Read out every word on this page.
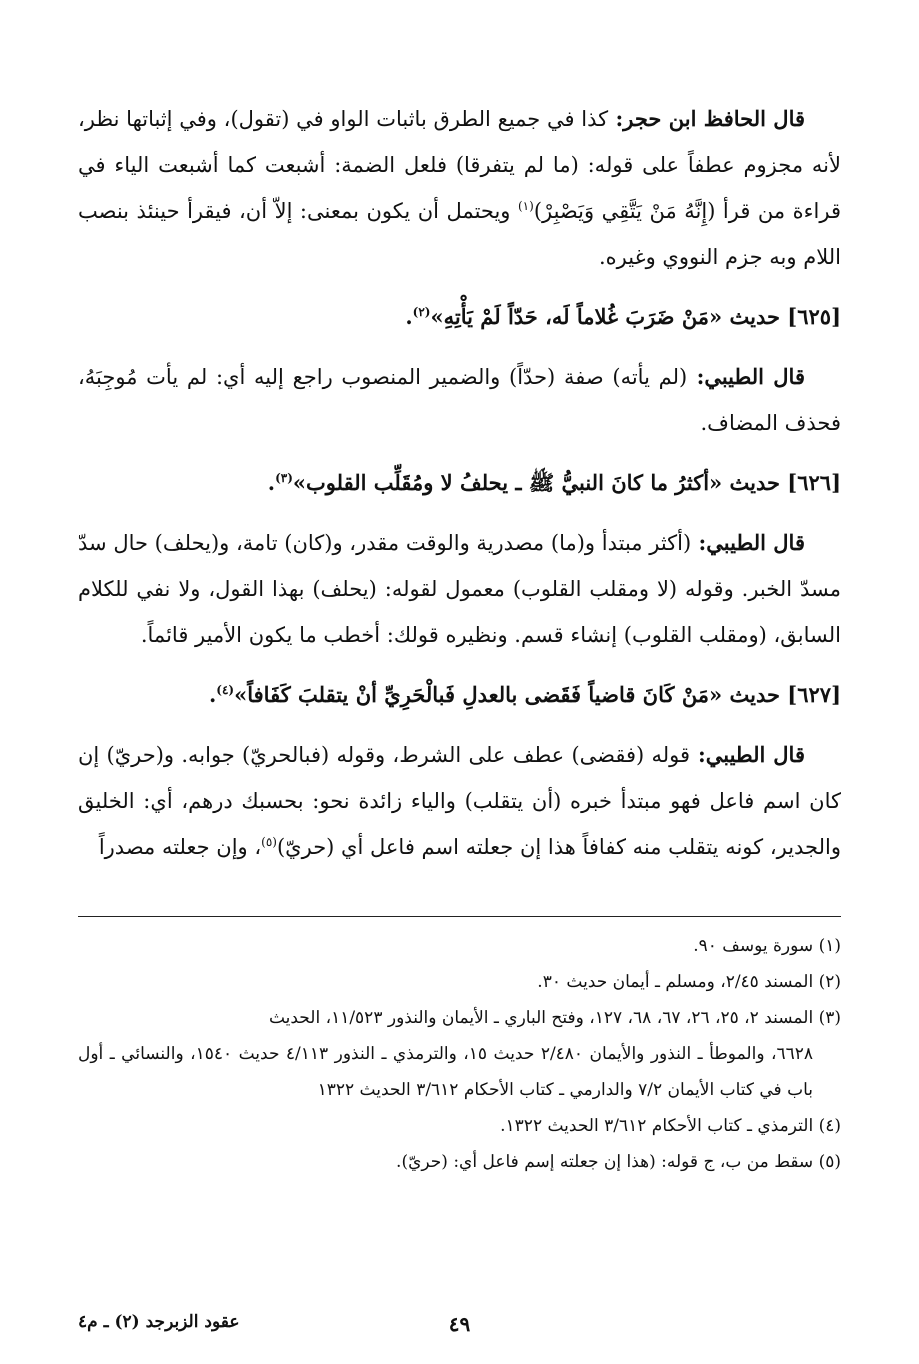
قال الحافظ ابن حجر: كذا في جميع الطرق باثبات الواو في (تقول)، وفي إثباتها نظر، لأنه مجزوم عطفاً على قوله: (ما لم يتفرقا) فلعل الضمة: أشبعت كما أشبعت الياء في قراءة من قرأ (إِنَّهُ مَنْ يَتَّقِي وَيَصْبِرْ)$^{(١)}$ ويحتمل أن يكون بمعنى: إلاّ أن، فيقرأ حينئذ بنصب اللام وبه جزم النووي وغيره.

[٦٢٥] حديث «مَنْ ضَرَبَ غُلاماً لَه، حَدّاً لَمْ يَأْتِهِ»$^{(٢)}$.

قال الطيبي: (لم يأته) صفة (حدّاً) والضمير المنصوب راجع إليه أي: لم يأت مُوجِبَهُ، فحذف المضاف.

[٦٢٦] حديث «أكثرُ ما كانَ النبيُّ ﷺ ـ يحلفُ لا ومُقَلِّب القلوب»$^{(٣)}$.

قال الطيبي: (أكثر مبتدأ و(ما) مصدرية والوقت مقدر، و(كان) تامة، و(يحلف) حال سدّ مسدّ الخبر. وقوله (لا ومقلب القلوب) معمول لقوله: (يحلف) بهذا القول، ولا نفي للكلام السابق، (ومقلب القلوب) إنشاء قسم. ونظيره قولك: أخطب ما يكون الأمير قائماً.

[٦٢٧] حديث «مَنْ كَانَ قاضياً فَقَضى بالعدلِ فَبالْحَرِيِّ أنْ يتقلبَ كَفَافاً»$^{(٤)}$.

قال الطيبي: قوله (فقضى) عطف على الشرط، وقوله (فبالحريّ) جوابه. و(حريّ) إن كان اسم فاعل فهو مبتدأ خبره (أن يتقلب) والياء زائدة نحو: بحسبك درهم، أي: الخليق والجدير، كونه يتقلب منه كفافاً هذا إن جعلته اسم فاعل أي (حريّ)$^{(٥)}$، وإن جعلته مصدراً

(١) سورة يوسف ٩٠.

(٢) المسند ٢/٤٥، ومسلم ـ أيمان حديث ٣٠.

(٣) المسند ٢، ٢٥، ٢٦، ٦٧، ٦٨، ١٢٧، وفتح الباري ـ الأيمان والنذور ١١/٥٢٣، الحديث
٦٦٢٨، والموطأ ـ النذور والأيمان ٢/٤٨٠ حديث ١٥، والترمذي ـ النذور ٤/١١٣ حديث ١٥٤٠، والنسائي ـ أول باب في كتاب الأيمان ٧/٢ والدارمي ـ كتاب الأحكام ٣/٦١٢ الحديث ١٣٢٢

(٤) الترمذي ـ كتاب الأحكام ٣/٦١٢ الحديث ١٣٢٢.

(٥) سقط من ب، ج قوله: (هذا إن جعلته إسم فاعل أي: (حريّ).

٤٩
عقود الزبرجد (٢) ـ م٤
